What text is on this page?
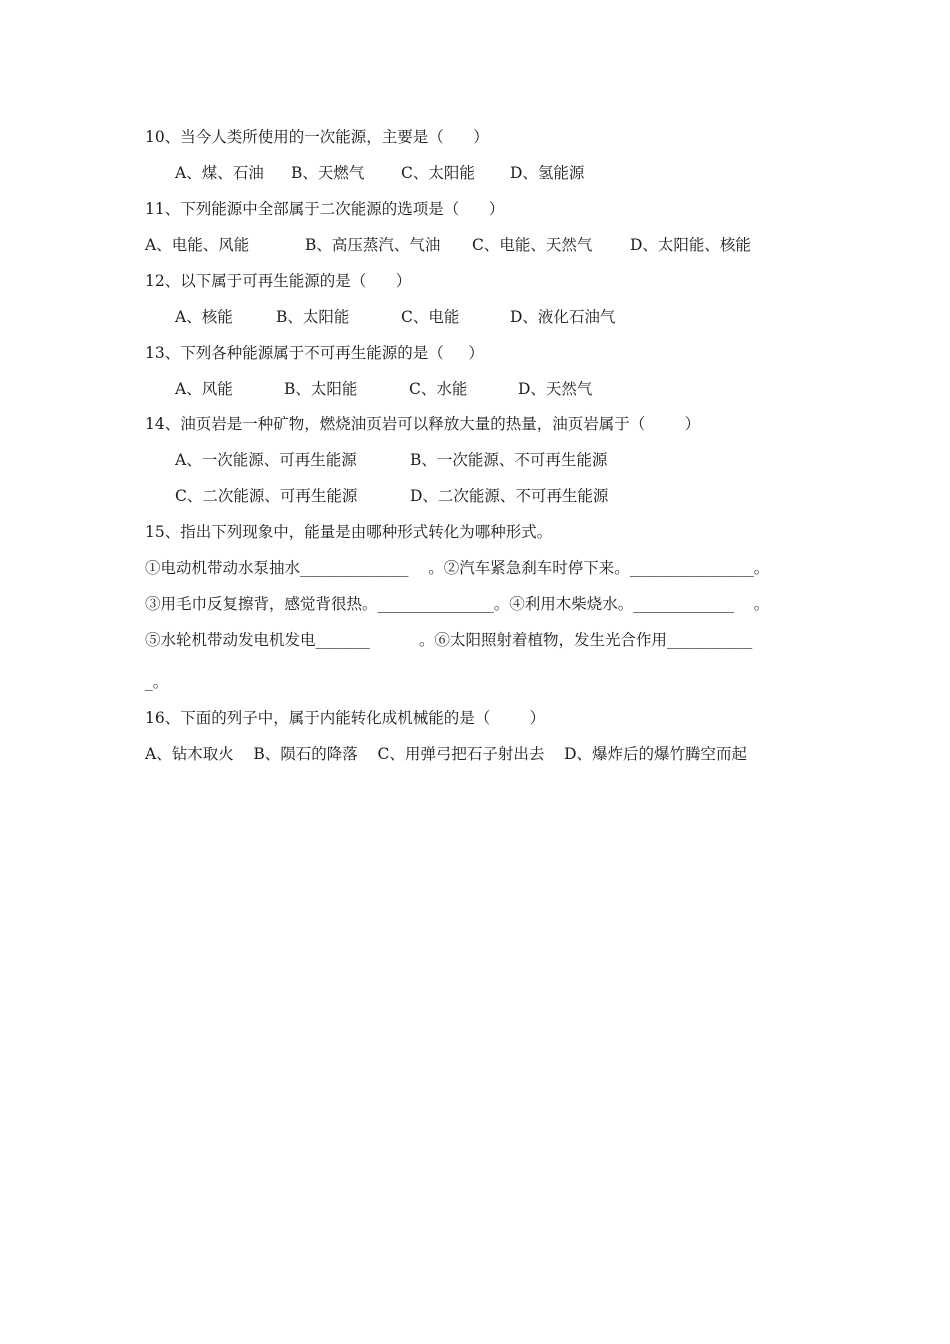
10、当今人类所使用的一次能源，主要是（      ）
A、煤、石油 B、天燃气 C、太阳能 D、氢能源
11、下列能源中全部属于二次能源的选项是（      ）
A、电能、风能	B、高压蒸汽、气油 C、电能、天然气 D、太阳能、核能
12、以下属于可再生能源的是（      ）
A、核能	B、太阳能	C、电能	D、液化石油气
13、下列各种能源属于不可再生能源的是（     ）
A、风能	B、太阳能	C、水能	D、天然气
14、油页岩是一种矿物，燃烧油页岩可以释放大量的热量，油页岩属于（        ）
A、一次能源、可再生能源	B、一次能源、不可再生能源
C、二次能源、可再生能源	D、二次能源、不可再生能源
15、指出下列现象中，能量是由哪种形式转化为哪种形式。
①电动机带动水泵抽水______________    。②汽车紧急刹车时停下来。________________。
③用毛巾反复擦背，感觉背很热。_______________。④利用木柴烧水。_____________    。
⑤水轮机带动发电机发电_______          。⑥太阳照射着植物，发生光合作用___________
_。
16、下面的列子中，属于内能转化成机械能的是（        ）
A、钻木取火    B、陨石的降落    C、用弹弓把石子射出去    D、爆炸后的爆竹腾空而起
